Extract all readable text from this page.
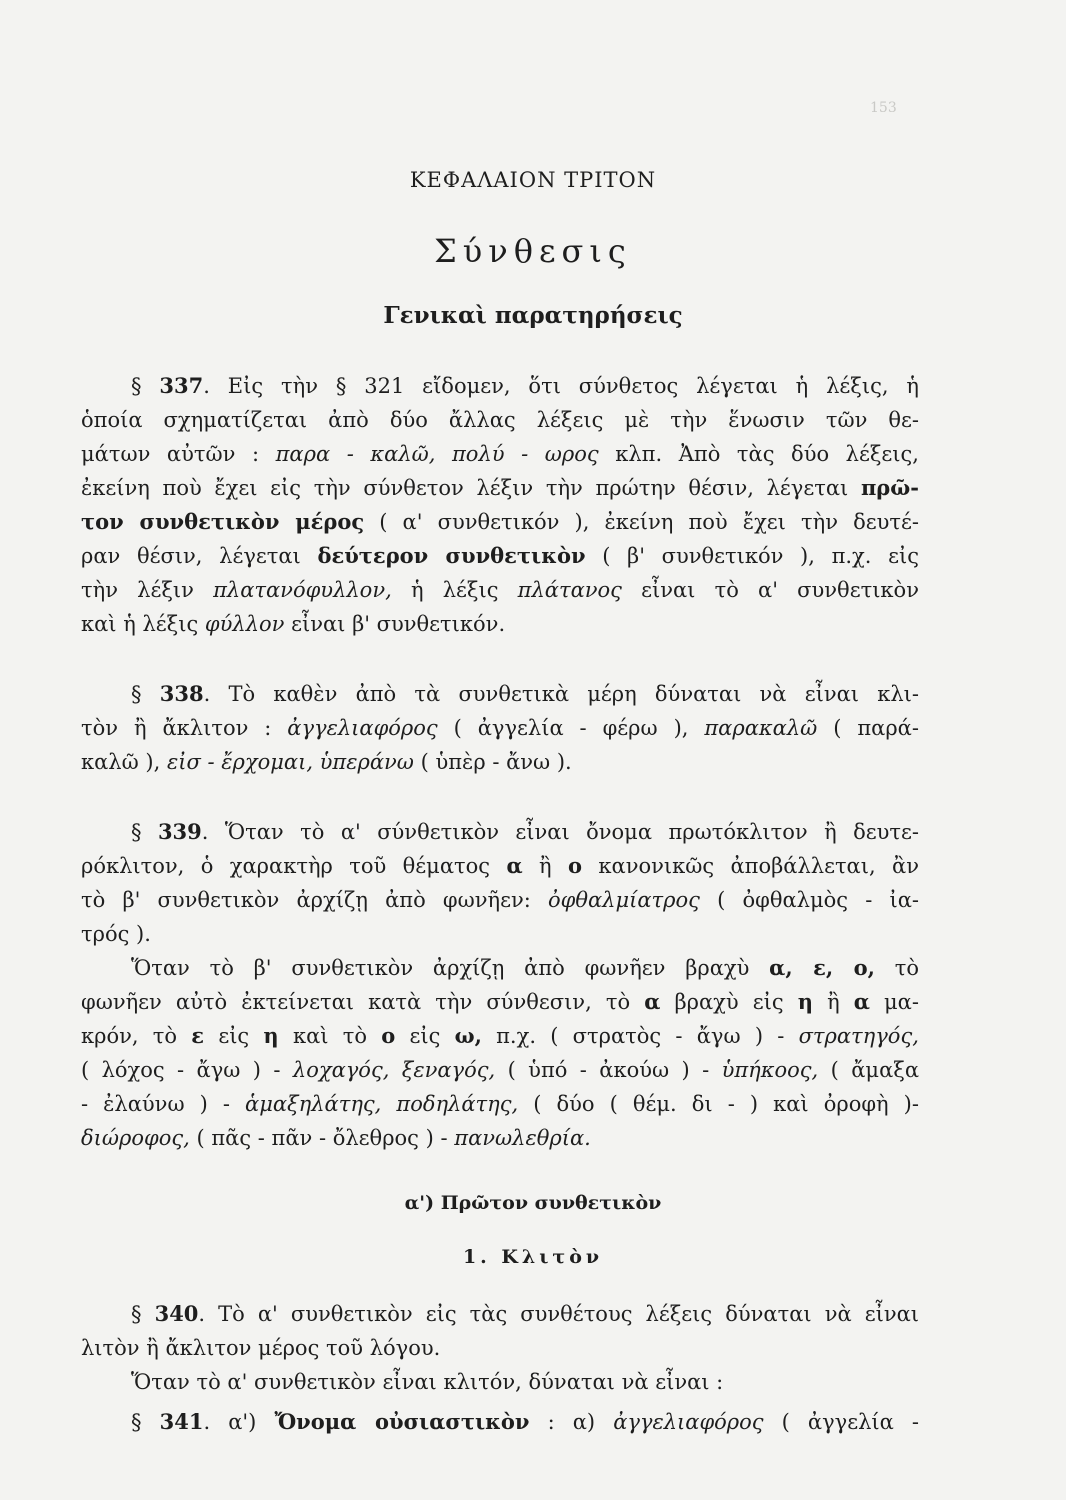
153
ΚΕΦΑΛΑΙΟΝ ΤΡΙΤΟΝ
Σύνθεσις
Γενικαὶ παρατηρήσεις
§ 337. Εἰς τὴν § 321 εἴδομεν, ὅτι σύνθετος λέγεται ἡ λέξις, ἡ
ὁποία σχηματίζεται ἀπὸ δύο ἄλλας λέξεις μὲ τὴν ἕνωσιν τῶν θε-
μάτων αὐτῶν : παρα - καλῶ, πολύ - ωρος κλπ. Ἀπὸ τὰς δύο λέξεις,
ἐκείνη ποὺ ἔχει εἰς τὴν σύνθετον λέξιν τὴν πρώτην θέσιν, λέγεται πρῶ-
τον συνθετικὸν μέρος ( α' συνθετικόν ), ἐκείνη ποὺ ἔχει τὴν δευτέ-
ραν θέσιν, λέγεται δεύτερον συνθετικὸν ( β' συνθετικόν ), π.χ. εἰς
τὴν λέξιν πλατανόφυλλον, ἡ λέξις πλάτανος εἶναι τὸ α' συνθετικὸν
καὶ ἡ λέξις φύλλον εἶναι β' συνθετικόν.
§ 338. Τὸ καθὲν ἀπὸ τὰ συνθετικὰ μέρη δύναται νὰ εἶναι κλι-
τὸν ἢ ἄκλιτον : ἀγγελιαφόρος ( ἀγγελία - φέρω ), παρακαλῶ ( παρά-
καλῶ ), εἰσ - ἔρχομαι, ὑπεράνω ( ὑπὲρ - ἄνω ).
§ 339. Ὅταν τὸ α' σύνθετικὸν εἶναι ὄνομα πρωτόκλιτον ἢ δευτε-
ρόκλιτον, ὁ χαρακτὴρ τοῦ θέματος α ἢ ο κανονικῶς ἀποβάλλεται, ἂν
τὸ β' συνθετικὸν ἀρχίζῃ ἀπὸ φωνῆεν: ὀφθαλμίατρος ( ὀφθαλμὸς - ἰα-
τρός ).
Ὅταν τὸ β' συνθετικὸν ἀρχίζῃ ἀπὸ φωνῆεν βραχὺ α, ε, ο, τὸ
φωνῆεν αὐτὸ ἐκτείνεται κατὰ τὴν σύνθεσιν, τὸ α βραχὺ εἰς η ἢ α μα-
κρόν, τὸ ε εἰς η καὶ τὸ ο εἰς ω, π.χ. ( στρατὸς - ἄγω ) - στρατηγός,
( λόχος - ἄγω ) - λοχαγός, ξεναγός, ( ὑπό - ἀκούω ) - ὑπήκοος, ( ἄμαξα
- ἐλαύνω ) - ἁμαξηλάτης, ποδηλάτης, ( δύο ( θέμ. δι - ) καὶ ὀροφὴ )-
διώροφος, ( πᾶς - πᾶν - ὄλεθρος ) - πανωλεθρία.
α') Πρῶτον συνθετικὸν
1. Κλιτὸν
§ 340. Τὸ α' συνθετικὸν εἰς τὰς συνθέτους λέξεις δύναται νὰ εἶναι
λιτὸν ἢ ἄκλιτον μέρος τοῦ λόγου.
Ὅταν τὸ α' συνθετικὸν εἶναι κλιτόν, δύναται νὰ εἶναι :
§ 341. α') Ὄνομα οὐσιαστικὸν : α) ἀγγελιαφόρος ( ἀγγελία -
